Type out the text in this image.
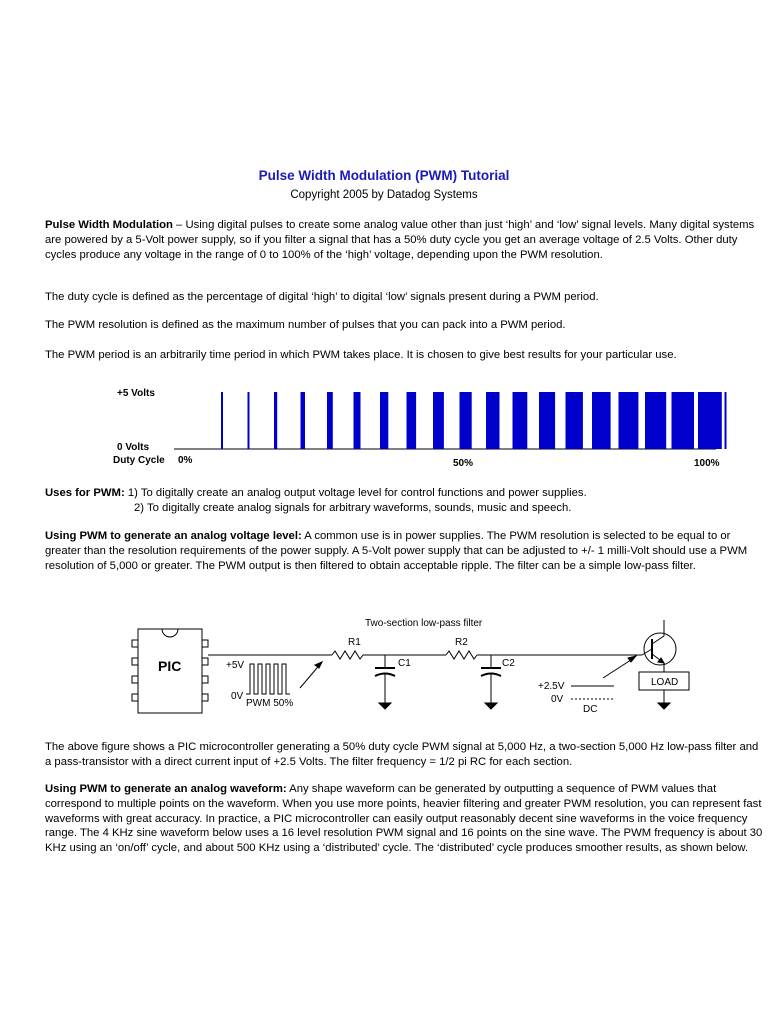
Pulse Width Modulation (PWM) Tutorial
Copyright 2005 by Datadog Systems
Pulse Width Modulation – Using digital pulses to create some analog value other than just ‘high’ and ‘low’ signal levels. Many digital systems are powered by a 5-Volt power supply, so if you filter a signal that has a 50% duty cycle you get an average voltage of 2.5 Volts. Other duty cycles produce any voltage in the range of 0 to 100% of the ‘high’ voltage, depending upon the PWM resolution.
The duty cycle is defined as the percentage of digital ‘high’ to digital ‘low’ signals present during a PWM period.
The PWM resolution is defined as the maximum number of pulses that you can pack into a PWM period.
The PWM period is an arbitrarily time period in which PWM takes place. It is chosen to give best results for your particular use.
+5 Volts
0 Volts
Duty Cycle 0%	50%	100%
Uses for PWM: 1) To digitally create an analog output voltage level for control functions and power supplies.
2) To digitally create analog signals for arbitrary waveforms, sounds, music and speech.
Using PWM to generate an analog voltage level: A common use is in power supplies. The PWM resolution is selected to be equal to or greater than the resolution requirements of the power supply. A 5-Volt power supply that can be adjusted to +/- 1 milli-Volt should use a PWM resolution of 5,000 or greater. The PWM output is then filtered to obtain acceptable ripple. The filter can be a simple low-pass filter.
Two-section low-pass filter
PIC
R1	R2
C1	C2
+5V
0V
PWM 50%
+2.5V
0V
DC
LOAD
The above figure shows a PIC microcontroller generating a 50% duty cycle PWM signal at 5,000 Hz, a two-section 5,000 Hz low-pass filter and a pass-transistor with a direct current input of +2.5 Volts. The filter frequency = 1/2 pi RC for each section.
Using PWM to generate an analog waveform: Any shape waveform can be generated by outputting a sequence of PWM values that correspond to multiple points on the waveform. When you use more points, heavier filtering and greater PWM resolution, you can represent fast waveforms with great accuracy. In practice, a PIC microcontroller can easily output reasonably decent sine waveforms in the voice frequency range. The 4 KHz sine waveform below uses a 16 level resolution PWM signal and 16 points on the sine wave. The PWM frequency is about 30 KHz using an ‘on/off’ cycle, and about 500 KHz using a ‘distributed’ cycle. The ‘distributed’ cycle produces smoother results, as shown below.
